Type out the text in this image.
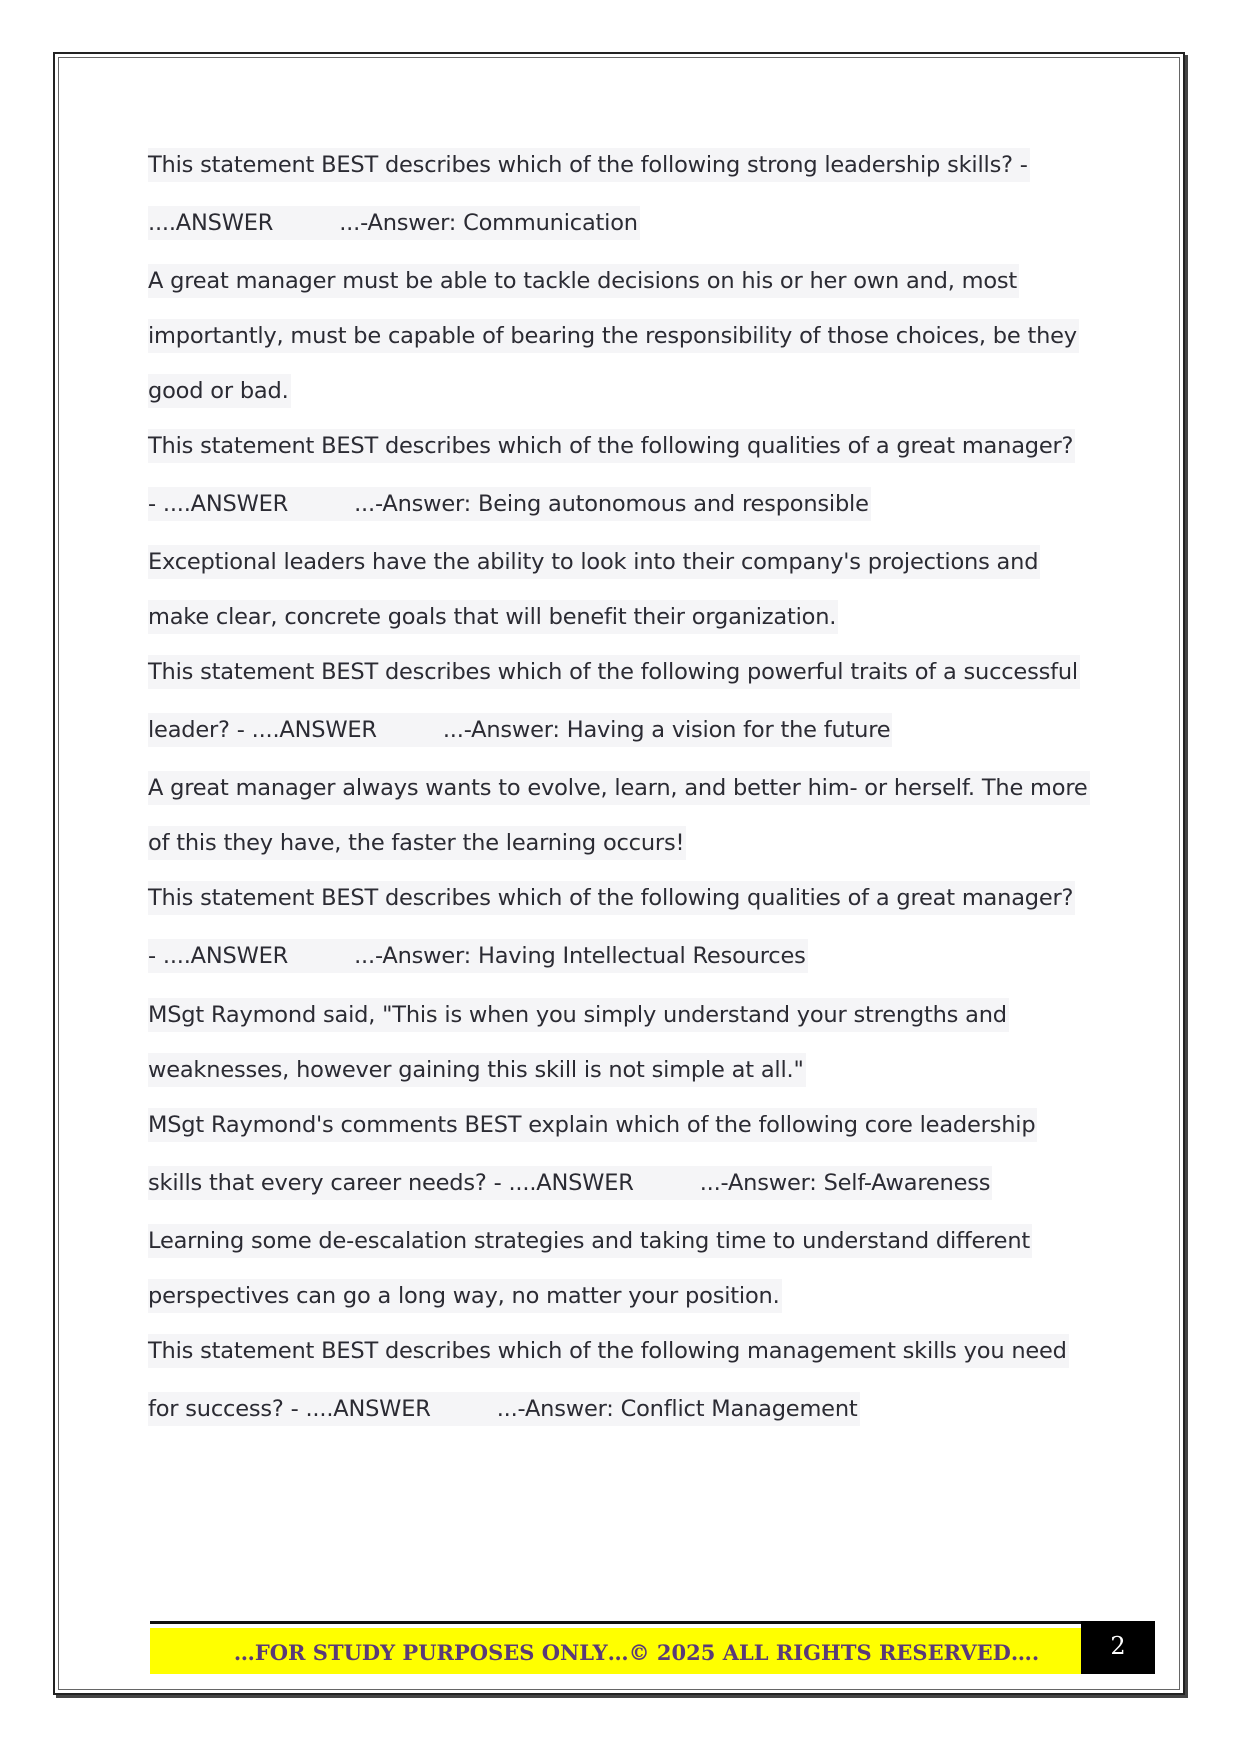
This statement BEST describes which of the following strong leadership skills? -
....ANSWER	...-Answer: Communication
A great manager must be able to tackle decisions on his or her own and, most
importantly, must be capable of bearing the responsibility of those choices, be they
good or bad.
This statement BEST describes which of the following qualities of a great manager?
- ....ANSWER	...-Answer: Being autonomous and responsible
Exceptional leaders have the ability to look into their company's projections and
make clear, concrete goals that will benefit their organization.
This statement BEST describes which of the following powerful traits of a successful
leader? - ....ANSWER	...-Answer: Having a vision for the future
A great manager always wants to evolve, learn, and better him- or herself. The more
of this they have, the faster the learning occurs!
This statement BEST describes which of the following qualities of a great manager?
- ....ANSWER	...-Answer: Having Intellectual Resources
MSgt Raymond said, "This is when you simply understand your strengths and
weaknesses, however gaining this skill is not simple at all."
MSgt Raymond's comments BEST explain which of the following core leadership
skills that every career needs? - ....ANSWER	...-Answer: Self-Awareness
Learning some de-escalation strategies and taking time to understand different
perspectives can go a long way, no matter your position.
This statement BEST describes which of the following management skills you need
for success? - ....ANSWER	...-Answer: Conflict Management
…FOR STUDY PURPOSES ONLY…© 2025 ALL RIGHTS RESERVED….	2
